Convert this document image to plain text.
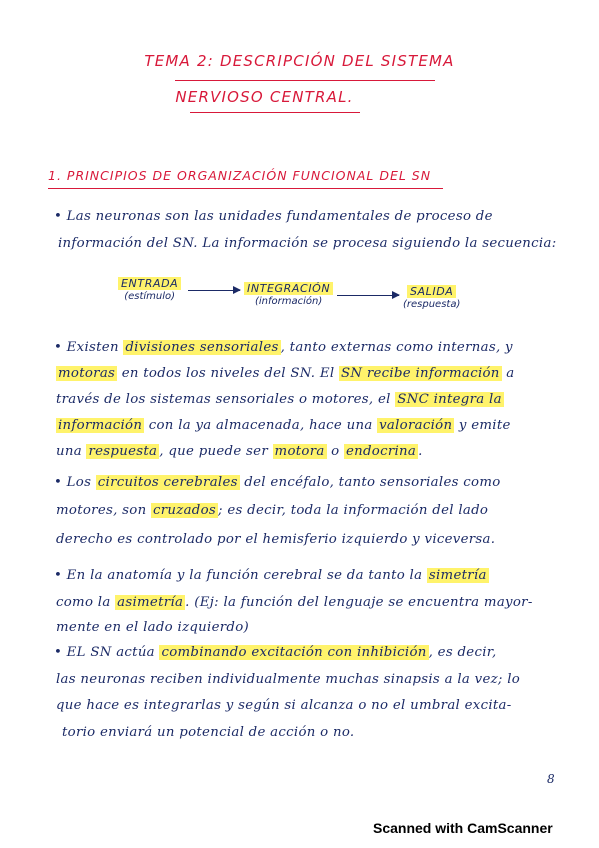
TEMA 2: DESCRIPCIÓN DEL SISTEMA
NERVIOSO CENTRAL.
1. PRINCIPIOS DE ORGANIZACIÓN FUNCIONAL DEL SN
• Las neuronas son las unidades fundamentales de proceso de
información del SN. La información se procesa siguiendo la secuencia:
ENTRADA
(estímulo)
INTEGRACIÓN
(información)
SALIDA
(respuesta)
• Existen divisiones sensoriales , tanto externas como internas, y
motoras en todos los niveles del SN. El SN recibe información a
través de los sistemas sensoriales o motores, el SNC integra la
información con la ya almacenada, hace una valoración y emite
una respuesta , que puede ser motora o endocrina .
• Los circuitos cerebrales del encéfalo, tanto sensoriales como
motores, son cruzados ; es decir, toda la información del lado
derecho es controlado por el hemisferio izquierdo y viceversa.
• En la anatomía y la función cerebral se da tanto la simetría
como la asimetría . (Ej: la función del lenguaje se encuentra mayor-
mente en el lado izquierdo)
• EL SN actúa combinando excitación con inhibición , es decir,
las neuronas reciben individualmente muchas sinapsis a la vez; lo
que hace es integrarlas y según si alcanza o no el umbral excita-
torio enviará un potencial de acción o no.
8
Scanned with CamScanner
